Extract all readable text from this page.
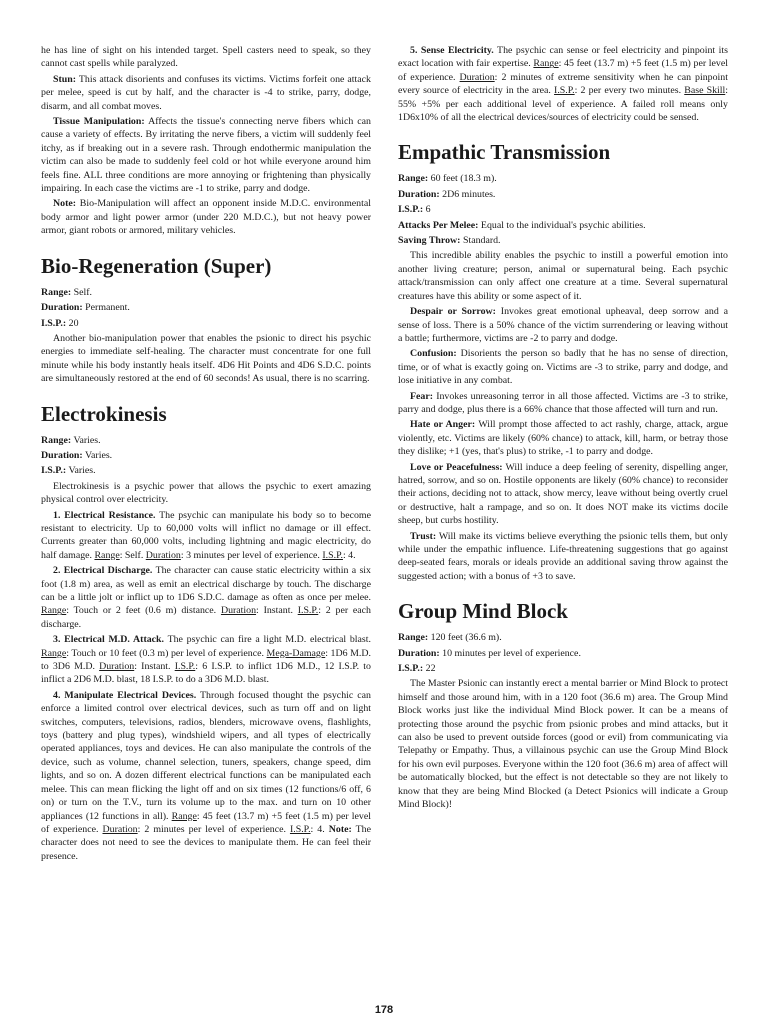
he has line of sight on his intended target. Spell casters need to speak, so they cannot cast spells while paralyzed.

Stun: This attack disorients and confuses its victims. Victims forfeit one attack per melee, speed is cut by half, and the character is -4 to strike, parry, dodge, disarm, and all combat moves.

Tissue Manipulation: Affects the tissue's connecting nerve fibers which can cause a variety of effects. By irritating the nerve fibers, a victim will suddenly feel itchy, as if breaking out in a severe rash. Through endothermic manipulation the victim can also be made to suddenly feel cold or hot while everyone around him feels fine. ALL three conditions are more annoying or frightening than physically impairing. In each case the victims are -1 to strike, parry and dodge.

Note: Bio-Manipulation will affect an opponent inside M.D.C. environmental body armor and light power armor (under 220 M.D.C.), but not heavy power armor, giant robots or armored, military vehicles.

Bio-Regeneration (Super)

Range: Self.

Duration: Permanent.

I.S.P.: 20

Another bio-manipulation power that enables the psionic to direct his psychic energies to immediate self-healing. The character must concentrate for one full minute while his body instantly heals itself. 4D6 Hit Points and 4D6 S.D.C. points are simultaneously restored at the end of 60 seconds! As usual, there is no scarring.

Electrokinesis

Range: Varies.

Duration: Varies.

I.S.P.: Varies.

Electrokinesis is a psychic power that allows the psychic to exert amazing physical control over electricity.

1. Electrical Resistance. The psychic can manipulate his body so to become resistant to electricity. Up to 60,000 volts will inflict no damage or ill effect. Currents greater than 60,000 volts, including lightning and magic electricity, do half damage. Range: Self. Duration: 3 minutes per level of experience. I.S.P.: 4.

2. Electrical Discharge. The character can cause static electricity within a six foot (1.8 m) area, as well as emit an electrical discharge by touch. The discharge can be a little jolt or inflict up to 1D6 S.D.C. damage as often as once per melee. Range: Touch or 2 feet (0.6 m) distance. Duration: Instant. I.S.P.: 2 per each discharge.

3. Electrical M.D. Attack. The psychic can fire a light M.D. electrical blast. Range: Touch or 10 feet (0.3 m) per level of experience. Mega-Damage: 1D6 M.D. to 3D6 M.D. Duration: Instant. I.S.P.: 6 I.S.P. to inflict 1D6 M.D., 12 I.S.P. to inflict a 2D6 M.D. blast, 18 I.S.P. to do a 3D6 M.D. blast.

4. Manipulate Electrical Devices. Through focused thought the psychic can enforce a limited control over electrical devices, such as turn off and on light switches, computers, televisions, radios, blenders, microwave ovens, flashlights, toys (battery and plug types), windshield wipers, and all types of electrically operated appliances, toys and devices. He can also manipulate the controls of the device, such as volume, channel selection, tuners, speakers, change speed, dim lights, and so on. A dozen different electrical functions can be manipulated each melee. This can mean flicking the light off and on six times (12 functions/6 off, 6 on) or turn on the T.V., turn its volume up to the max. and turn on 10 other appliances (12 functions in all). Range: 45 feet (13.7 m) +5 feet (1.5 m) per level of experience. Duration: 2 minutes per level of experience. I.S.P.: 4. Note: The character does not need to see the devices to manipulate them. He can feel their presence.

5. Sense Electricity. The psychic can sense or feel electricity and pinpoint its exact location with fair expertise. Range: 45 feet (13.7 m) +5 feet (1.5 m) per level of experience. Duration: 2 minutes of extreme sensitivity when he can pinpoint every source of electricity in the area. I.S.P.: 2 per every two minutes. Base Skill: 55% +5% per each additional level of experience. A failed roll means only 1D6x10% of all the electrical devices/sources of electricity could be sensed.

Empathic Transmission

Range: 60 feet (18.3 m).

Duration: 2D6 minutes.

I.S.P.: 6

Attacks Per Melee: Equal to the individual's psychic abilities.

Saving Throw: Standard.

This incredible ability enables the psychic to instill a powerful emotion into another living creature; person, animal or supernatural being. Each psychic attack/transmission can only affect one creature at a time. Several supernatural creatures have this ability or some aspect of it.

Despair or Sorrow: Invokes great emotional upheaval, deep sorrow and a sense of loss. There is a 50% chance of the victim surrendering or leaving without a battle; furthermore, victims are -2 to parry and dodge.

Confusion: Disorients the person so badly that he has no sense of direction, time, or of what is exactly going on. Victims are -3 to strike, parry and dodge, and lose initiative in any combat.

Fear: Invokes unreasoning terror in all those affected. Victims are -3 to strike, parry and dodge, plus there is a 66% chance that those affected will turn and run.

Hate or Anger: Will prompt those affected to act rashly, charge, attack, argue violently, etc. Victims are likely (60% chance) to attack, kill, harm, or betray those they dislike; +1 (yes, that's plus) to strike, -1 to parry and dodge.

Love or Peacefulness: Will induce a deep feeling of serenity, dispelling anger, hatred, sorrow, and so on. Hostile opponents are likely (60% chance) to reconsider their actions, deciding not to attack, show mercy, leave without being overtly cruel or destructive, halt a rampage, and so on. It does NOT make its victims docile sheep, but curbs hostility.

Trust: Will make its victims believe everything the psionic tells them, but only while under the empathic influence. Life-threatening suggestions that go against deep-seated fears, morals or ideals provide an additional saving throw against the suggested action; with a bonus of +3 to save.

Group Mind Block

Range: 120 feet (36.6 m).

Duration: 10 minutes per level of experience.

I.S.P.: 22

The Master Psionic can instantly erect a mental barrier or Mind Block to protect himself and those around him, with in a 120 foot (36.6 m) area. The Group Mind Block works just like the individual Mind Block power. It can be a means of protecting those around the psychic from psionic probes and mind attacks, but it can also be used to prevent outside forces (good or evil) from communicating via Telepathy or Empathy. Thus, a villainous psychic can use the Group Mind Block for his own evil purposes. Everyone within the 120 foot (36.6 m) area of affect will be automatically blocked, but the effect is not detectable so they are not likely to know that they are being Mind Blocked (a Detect Psionics will indicate a Group Mind Block)!

178
